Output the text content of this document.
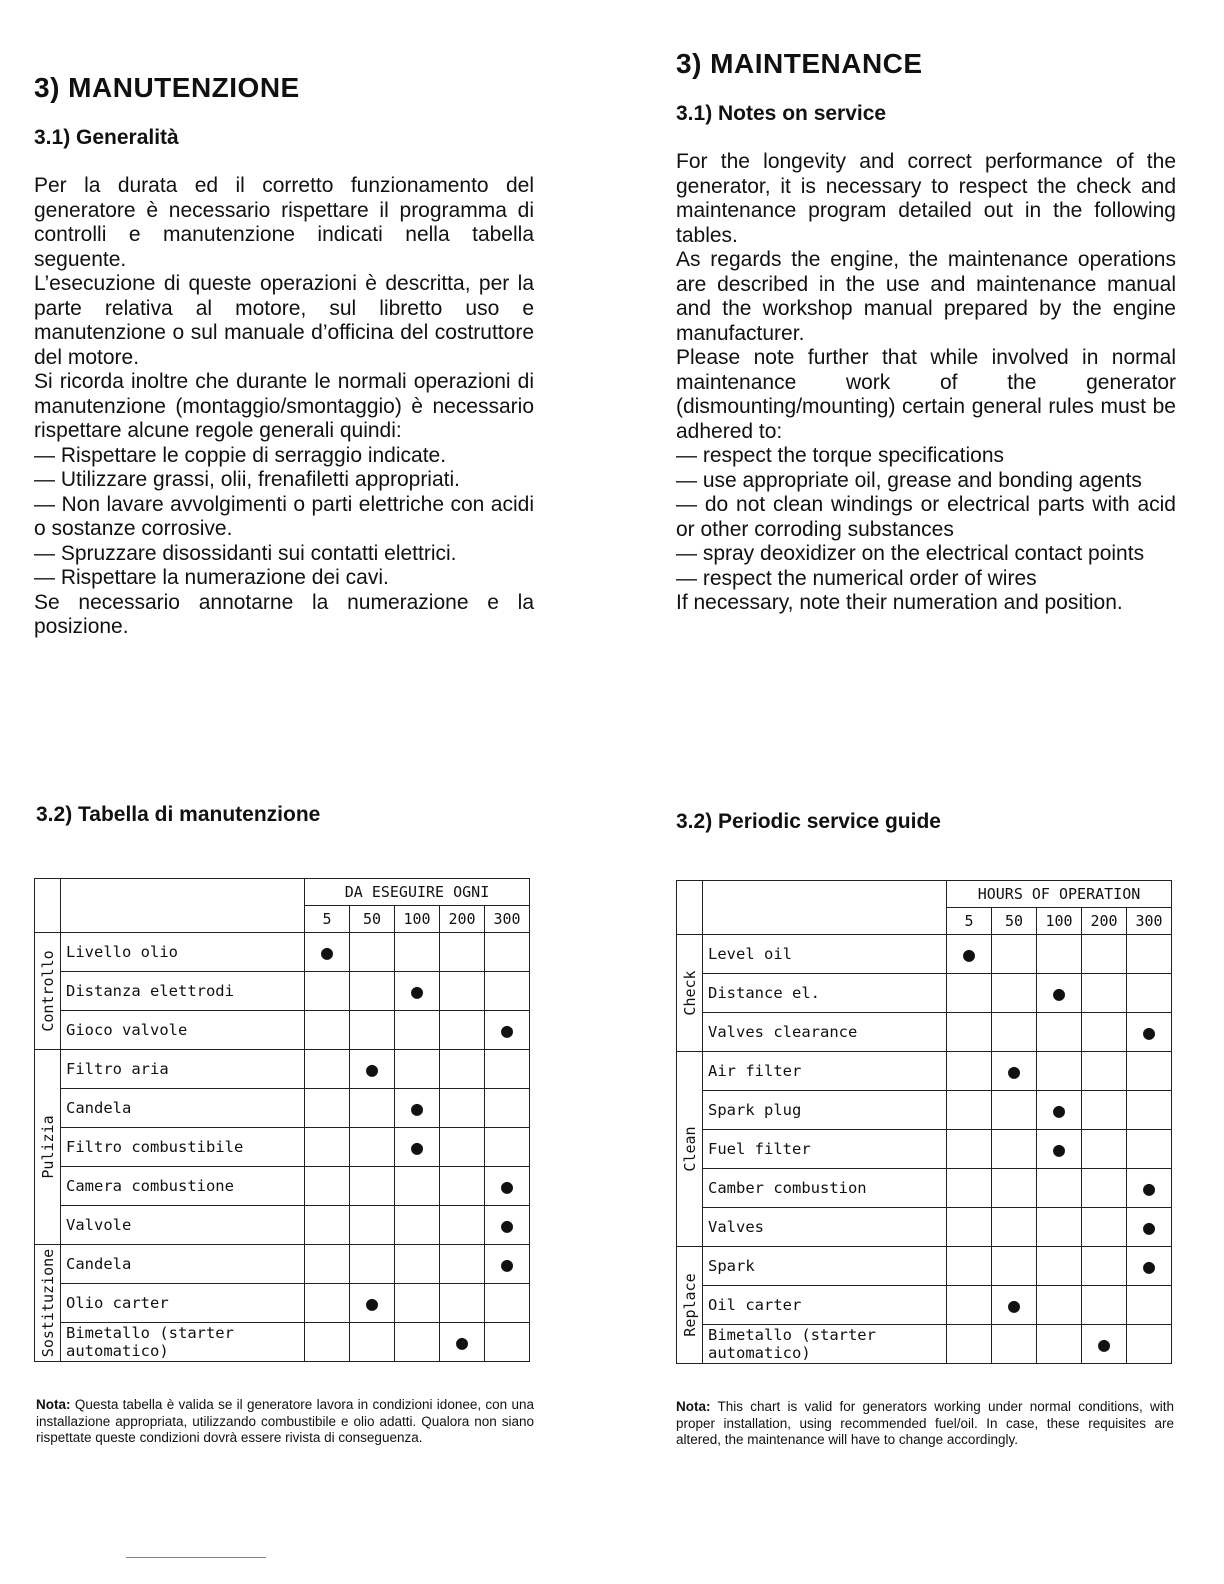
3) MANUTENZIONE
3.1) Generalità

Per la durata ed il corretto funzionamento del generatore è necessario rispettare il programma di controlli e manutenzione indicati nella tabella seguente.

L’esecuzione di queste operazioni è descritta, per la parte relativa al motore, sul libretto uso e manutenzione o sul manuale d’officina del costruttore del motore.

Si ricorda inoltre che durante le normali operazioni di manutenzione (montaggio/smontaggio) è necessario rispettare alcune regole generali quindi:

— Rispettare le coppie di serraggio indicate.

— Utilizzare grassi, olii, frenafiletti appropriati.

— Non lavare avvolgimenti o parti elettriche con acidi o sostanze corrosive.

— Spruzzare disossidanti sui contatti elettrici.

— Rispettare la numerazione dei cavi.

Se necessario annotarne la numerazione e la posizione.

3) MAINTENANCE
3.1) Notes on service

For the longevity and correct performance of the generator, it is necessary to respect the check and maintenance program detailed out in the following tables.

As regards the engine, the maintenance operations are described in the use and maintenance manual and the workshop manual prepared by the engine manufacturer.

Please note further that while involved in normal maintenance work of the generator (dismounting/mounting) certain general rules must be adhered to:

— respect the torque specifications

— use appropriate oil, grease and bonding agents

— do not clean windings or electrical parts with acid or other corroding substances

— spray deoxidizer on the electrical contact points

— respect the numerical order of wires

If necessary, note their numeration and position.

3.2) Tabella di manutenzione	3.2) Periodic service guide
		DA ESEGUIRE OGNI				
		5	50	100	200	300

Controllo	Livello olio	●				
	Distanza elettrodi			●		
	Gioco valvole					●

Pulizia	Filtro aria		●			
	Candela			●		
	Filtro combustibile			●		
	Camera combustione					●
	Valvole					●

Sostituzione	Candela					●
	Olio carter		●			
	Bimetallo (starter automatico)				●	
		HOURS OF OPERATION				
		5	50	100	200	300

Check	Level oil	●				
	Distance el.			●		
	Valves clearance					●

Clean	Air filter		●			
	Spark plug			●		
	Fuel filter			●		
	Camber combustion					●
	Valves					●

Replace	Spark					●
	Oil carter		●			
	Bimetallo (starter automatico)				●	
Nota: Questa tabella è valida se il generatore lavora in condizioni idonee, con una installazione appropriata, utilizzando combustibile e olio adatti. Qualora non siano rispettate queste condizioni dovrà essere rivista di conseguenza.
Nota: This chart is valid for generators working under normal conditions, with proper installation, using recommended fuel/oil. In case, these requisites are altered, the maintenance will have to change accordingly.
